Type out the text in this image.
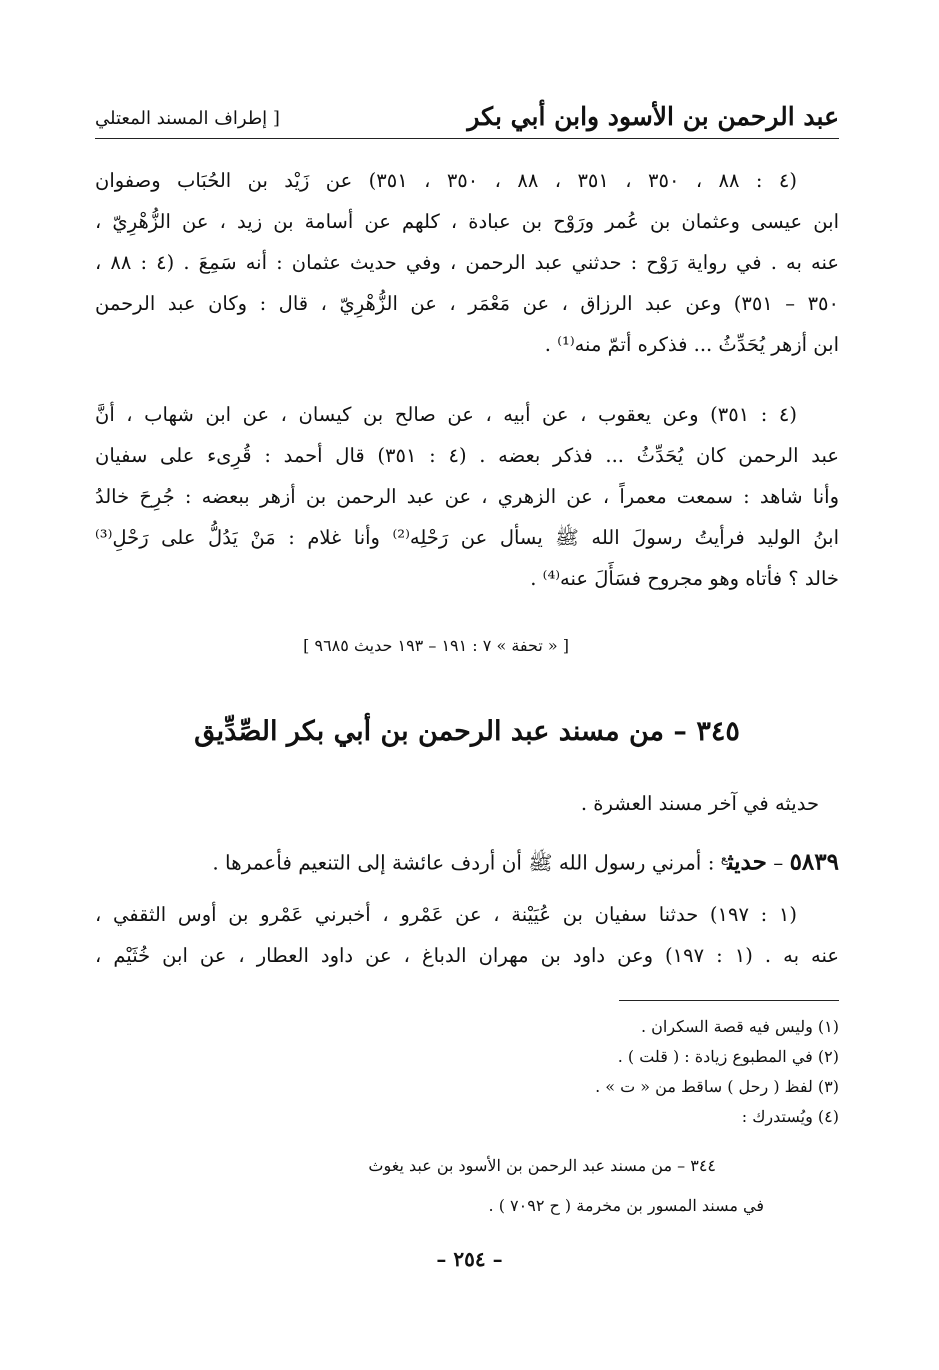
عبد الرحمن بن الأسود وابن أبي بكر
[ إطراف المسند المعتلي
(٤ : ٨٨ ، ٣٥٠ ، ٣٥١ ، ٨٨ ، ٣٥٠ ، ٣٥١) عن زَيْد بن الحُبَاب وصفوان
ابن عيسى وعثمان بن عُمر ورَوْح بن عبادة ، كلهم عن أسامة بن زيد ، عن الزُّهْرِيّ ،
عنه به . في رواية رَوْح : حدثني عبد الرحمن ، وفي حديث عثمان : أنه سَمِعَ . (٤ : ٨٨ ،
٣٥٠ – ٣٥١) وعن عبد الرزاق ، عن مَعْمَر ، عن الزُّهْرِيّ ، قال : وكان عبد الرحمن
ابن أزهر يُحَدِّثُ ... فذكره أتمّ منه⁽¹⁾ .
(٤ : ٣٥١) وعن يعقوب ، عن أبيه ، عن صالح بن كيسان ، عن ابن شهاب ، أنَّ
عبد الرحمن كان يُحَدِّثُ ... فذكر بعضه . (٤ : ٣٥١) قال أحمد : قُرِىء على سفيان
وأنا شاهد : سمعت معمراً ، عن الزهري ، عن عبد الرحمن بن أزهر ببعضه : جُرِحَ خالدُ
ابنُ الوليد فرأيتُ رسولَ الله ﷺ يسأل عن رَحْلِه⁽²⁾ وأنا غلام : مَنْ يَدُلُّ على رَحْلِ⁽³⁾
خالد ؟ فأتاه وهو مجروح فسَأَلَ عنه⁽⁴⁾ .
[ « تحفة » ٧ : ١٩١ – ١٩٣ حديث ٩٦٨٥ ]
٣٤٥ – من مسند عبد الرحمن بن أبي بكر الصِّدِّيق
حديثه في آخر مسند العشرة .
٥٨٣٩ – حديث$^ع$ : أمرني رسول الله ﷺ أن أردف عائشة إلى التنعيم فأعمرها .
(١ : ١٩٧) حدثنا سفيان بن عُيَيْنة ، عن عَمْرو ، أخبرني عَمْرو بن أوس الثقفي ،
عنه به . (١ : ١٩٧) وعن داود بن مهران الدباغ ، عن داود العطار ، عن ابن خُثَيْم ،
(١) وليس فيه قصة السكران .
(٢) في المطبوع زيادة : ( قلت ) .
(٣) لفظ ( رحل ) ساقط من « ت » .
(٤) ويُستدرك :
٣٤٤ – من مسند عبد الرحمن بن الأسود بن عبد يغوث
في مسند المسور بن مخرمة ( ح ٧٠٩٢ ) .
– ٢٥٤ –
